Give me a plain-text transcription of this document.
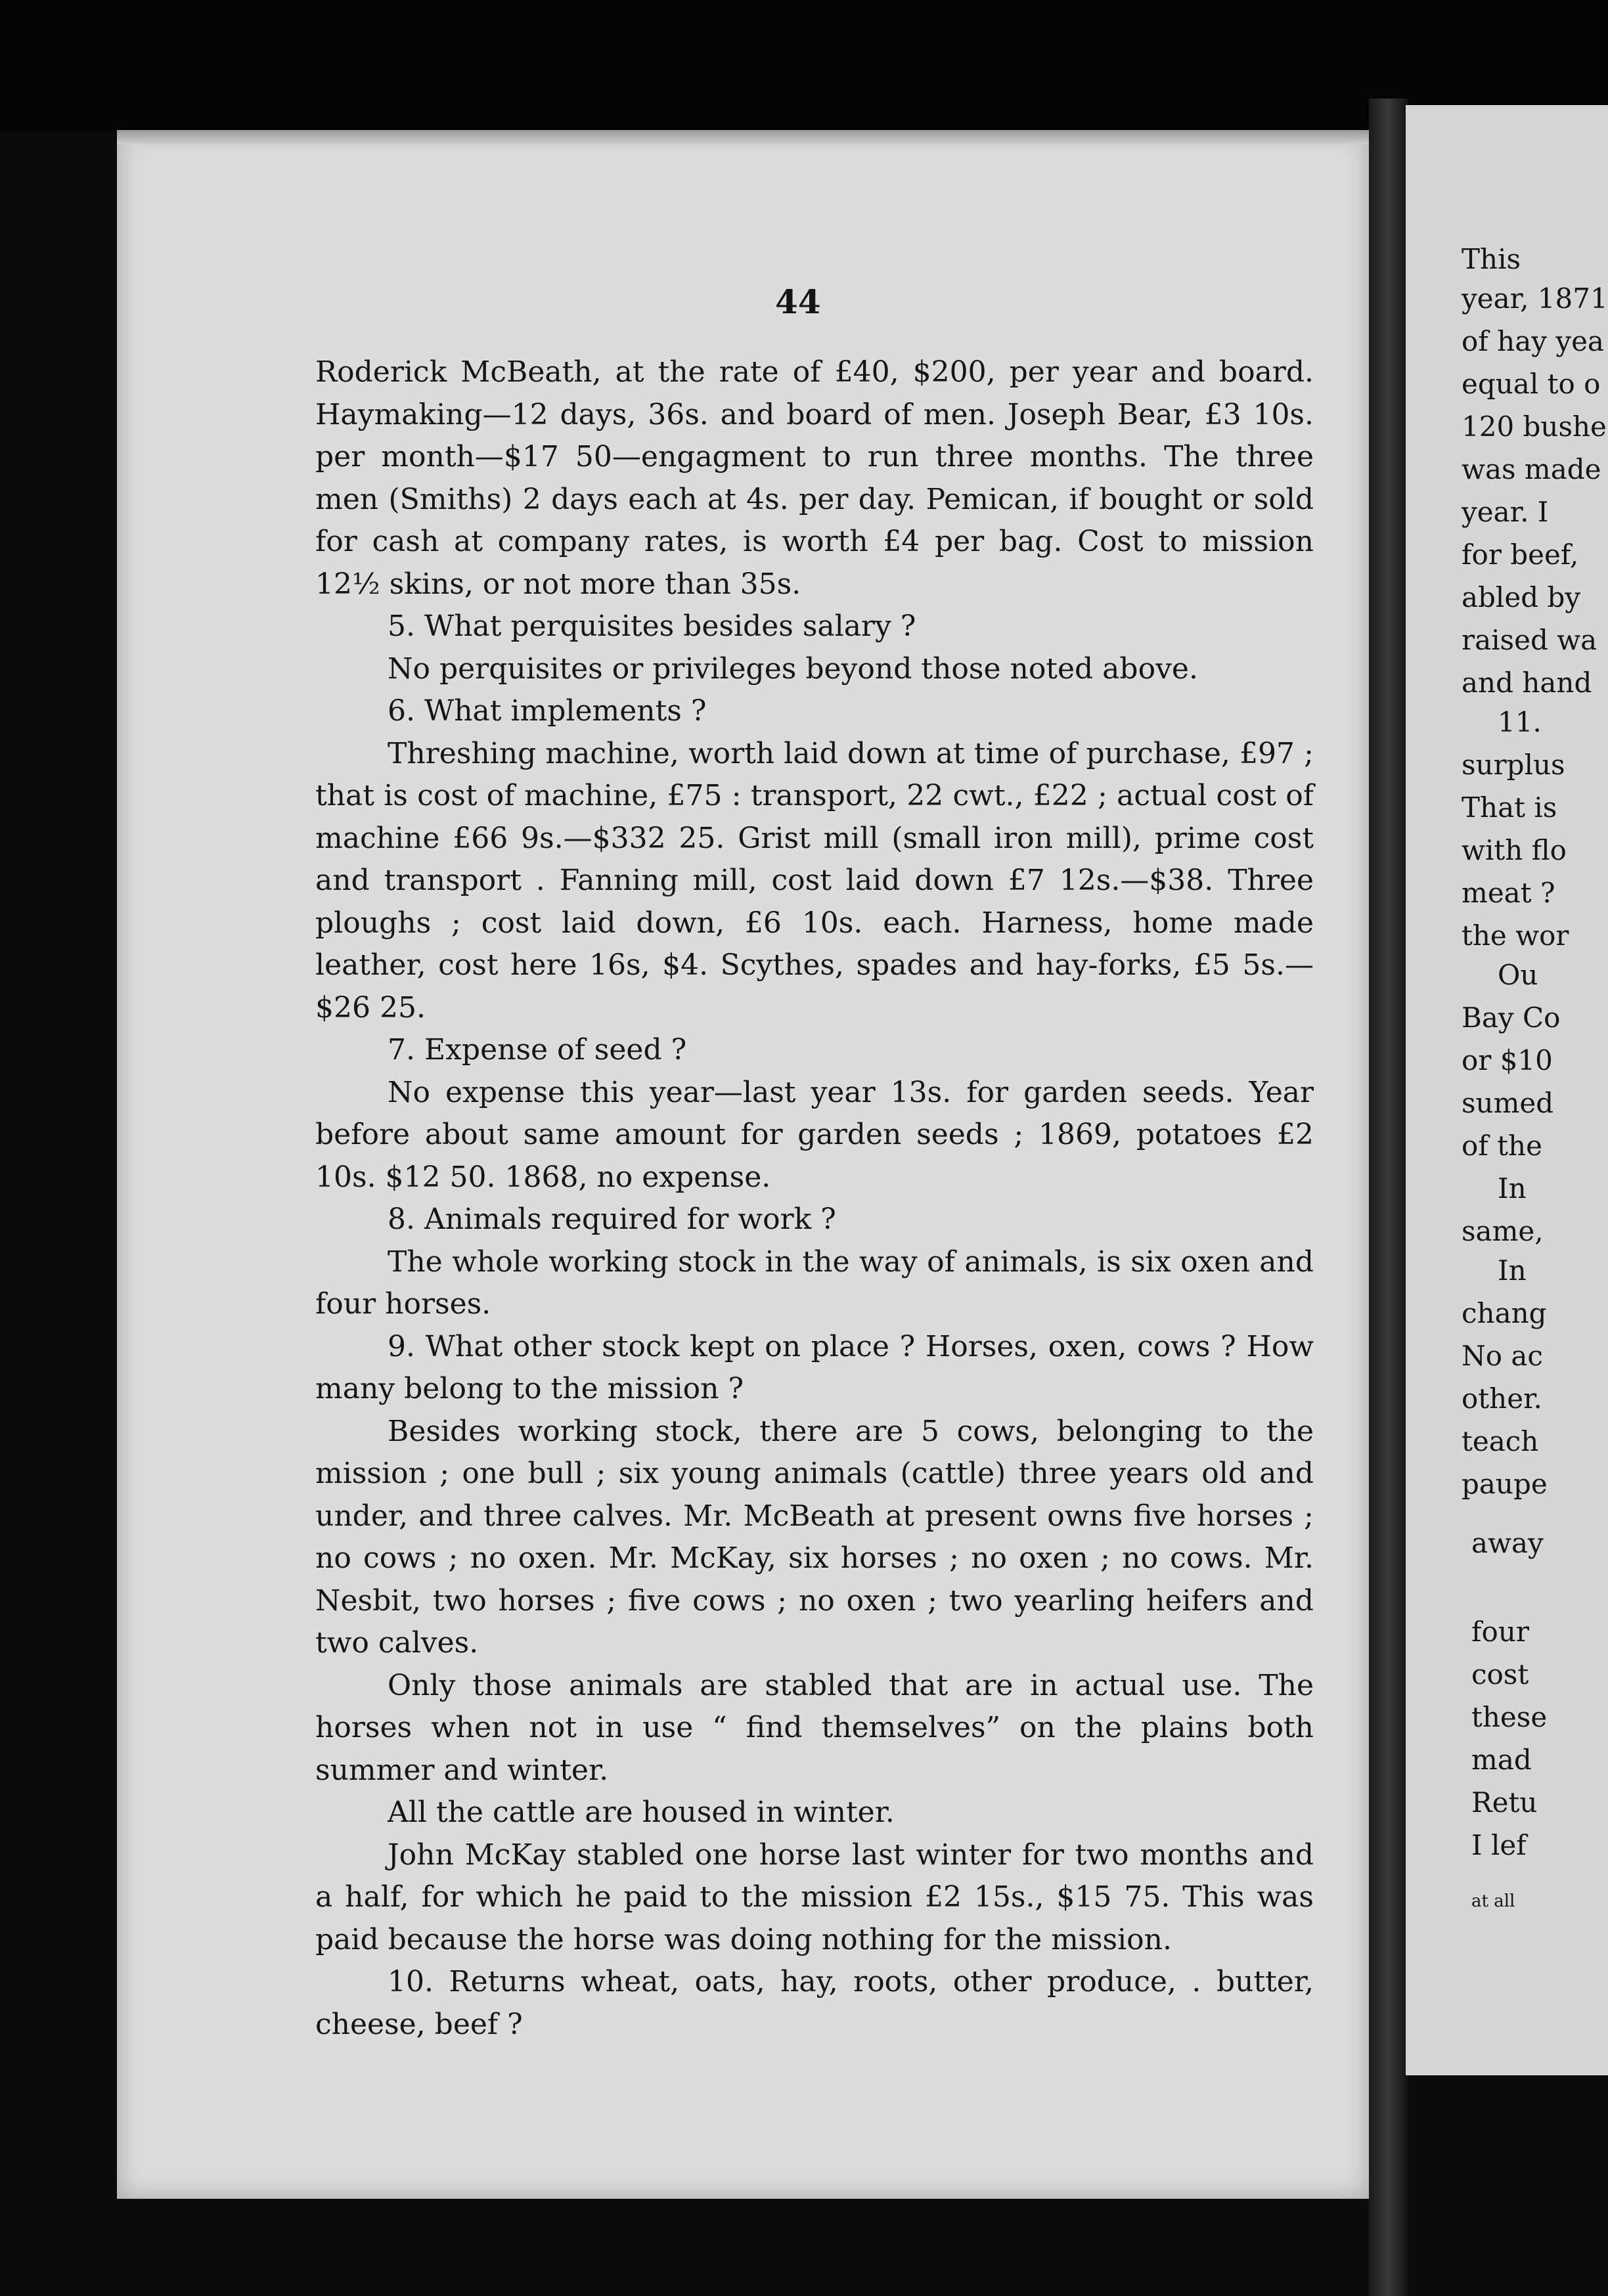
This
year, 1871
of hay yea
equal to o
120 bushe
was made
year. I
for beef,
abled by
raised wa
and hand
11.
surplus
That is
with flo
meat ?
the wor
Ou
Bay Co
or $10
sumed
of the
In
same,
In
chang
No ac
other.
teach
paupe
away
four
cost
these
mad
Retu
I lef
at all
44

Roderick McBeath, at the rate of £40, $200, per year and board. Haymaking—12 days, 36s. and board of men. Joseph Bear, £3 10s. per month—$17 50—engagment to run three months. The three men (Smiths) 2 days each at 4s. per day. Pemican, if bought or sold for cash at company rates, is worth £4 per bag. Cost to mission 12½ skins, or not more than 35s.

5. What perquisites besides salary ?

No perquisites or privileges beyond those noted above.

6. What implements ?

Threshing machine, worth laid down at time of purchase, £97 ; that is cost of machine, £75 : transport, 22 cwt., £22 ; actual cost of machine £66 9s.—$332 25. Grist mill (small iron mill), prime cost and transport . Fanning mill, cost laid down £7 12s.—$38. Three ploughs ; cost laid down, £6 10s. each. Harness, home made leather, cost here 16s, $4. Scythes, spades and hay-forks, £5 5s.—$26 25.

7. Expense of seed ?

No expense this year—last year 13s. for garden seeds. Year before about same amount for garden seeds ; 1869, potatoes £2 10s. $12 50. 1868, no expense.

8. Animals required for work ?

The whole working stock in the way of animals, is six oxen and four horses.

9. What other stock kept on place ? Horses, oxen, cows ? How many belong to the mission ?

Besides working stock, there are 5 cows, belonging to the mission ; one bull ; six young animals (cattle) three years old and under, and three calves. Mr. McBeath at present owns five horses ; no cows ; no oxen. Mr. McKay, six horses ; no oxen ; no cows. Mr. Nesbit, two horses ; five cows ; no oxen ; two yearling heifers and two calves.

Only those animals are stabled that are in actual use. The horses when not in use “ find themselves” on the plains both summer and winter.

All the cattle are housed in winter.

John McKay stabled one horse last winter for two months and a half, for which he paid to the mission £2 15s., $15 75. This was paid because the horse was doing nothing for the mission.

10. Returns wheat, oats, hay, roots, other produce, . butter, cheese, beef ?
